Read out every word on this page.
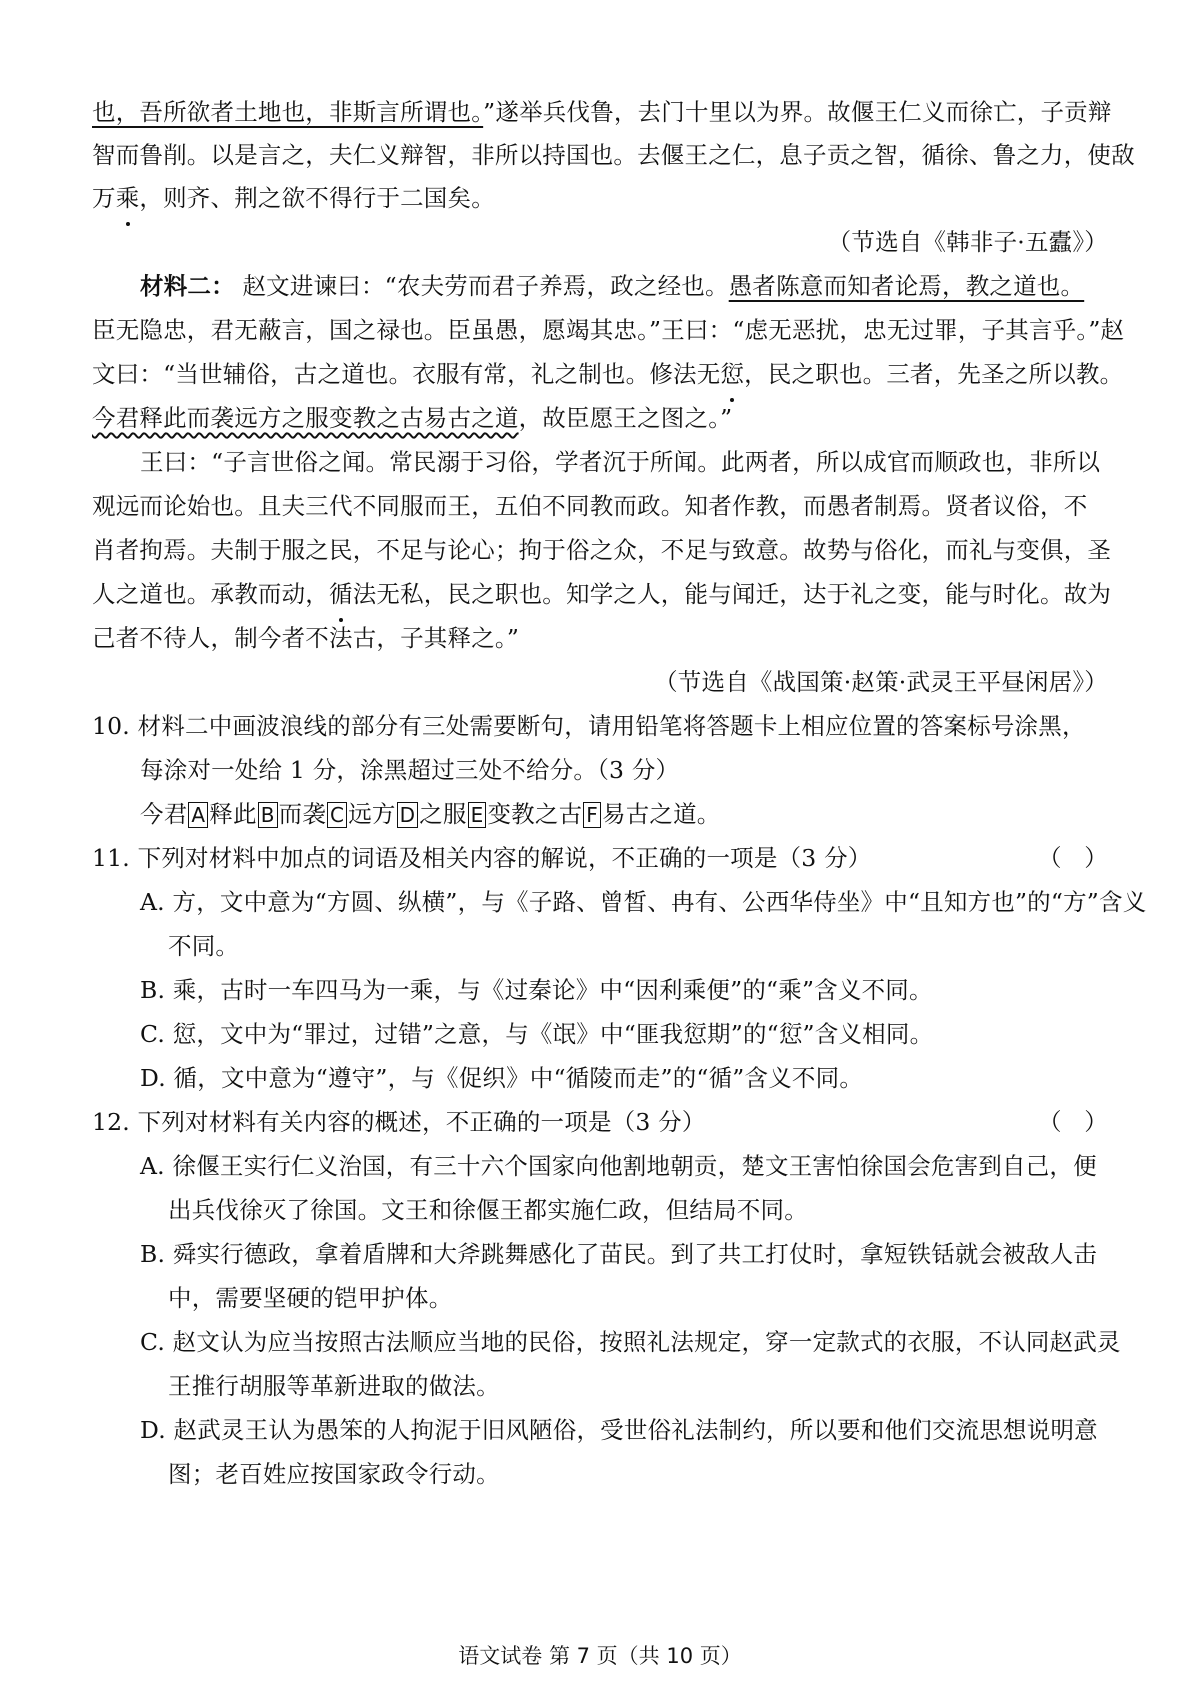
也，吾所欲者土地也，非斯言所谓也。”遂举兵伐鲁，去门十里以为界。故偃王仁义而徐亡，子贡辩
智而鲁削。以是言之，夫仁义辩智，非所以持国也。去偃王之仁，息子贡之智，循徐、鲁之力，使敌
万乘，则齐、荆之欲不得行于二国矣。
（节选自《韩非子·五蠹》）
材料二： 赵文进谏曰：“农夫劳而君子养焉，政之经也。愚者陈意而知者论焉，教之道也。
臣无隐忠，君无蔽言，国之禄也。臣虽愚，愿竭其忠。”王曰：“虑无恶扰，忠无过罪，子其言乎。”赵
文曰：“当世辅俗，古之道也。衣服有常，礼之制也。修法无愆，民之职也。三者，先圣之所以教。
今君释此而袭远方之服变教之古易古之道，故臣愿王之图之。”
王曰：“子言世俗之闻。常民溺于习俗，学者沉于所闻。此两者，所以成官而顺政也，非所以
观远而论始也。且夫三代不同服而王，五伯不同教而政。知者作教，而愚者制焉。贤者议俗，不
肖者拘焉。夫制于服之民，不足与论心；拘于俗之众，不足与致意。故势与俗化，而礼与变俱，圣
人之道也。承教而动，循法无私，民之职也。知学之人，能与闻迁，达于礼之变，能与时化。故为
己者不待人，制今者不法古，子其释之。”
（节选自《战国策·赵策·武灵王平昼闲居》）
10. 材料二中画波浪线的部分有三处需要断句，请用铅笔将答题卡上相应位置的答案标号涂黑，
每涂对一处给 1 分，涂黑超过三处不给分。（3 分）
今君 A 释此 B 而袭 C 远方 D 之服 E 变教之古 F 易古之道。
11. 下列对材料中加点的词语及相关内容的解说，不正确的一项是（3 分）	（ ）
A. 方，文中意为“方圆、纵横”，与《子路、曾皙、冉有、公西华侍坐》中“且知方也”的“方”含义
不同。
B. 乘，古时一车四马为一乘，与《过秦论》中“因利乘便”的“乘”含义不同。
C. 愆，文中为“罪过，过错”之意，与《氓》中“匪我愆期”的“愆”含义相同。
D. 循，文中意为“遵守”，与《促织》中“循陵而走”的“循”含义不同。
12. 下列对材料有关内容的概述，不正确的一项是（3 分）	（ ）
A. 徐偃王实行仁义治国，有三十六个国家向他割地朝贡，楚文王害怕徐国会危害到自己，便
出兵伐徐灭了徐国。文王和徐偃王都实施仁政，但结局不同。
B. 舜实行德政，拿着盾牌和大斧跳舞感化了苗民。到了共工打仗时，拿短铁铦就会被敌人击
中，需要坚硬的铠甲护体。
C. 赵文认为应当按照古法顺应当地的民俗，按照礼法规定，穿一定款式的衣服，不认同赵武灵
王推行胡服等革新进取的做法。
D. 赵武灵王认为愚笨的人拘泥于旧风陋俗，受世俗礼法制约，所以要和他们交流思想说明意
图；老百姓应按国家政令行动。
语文试卷 第 7 页（共 10 页）
